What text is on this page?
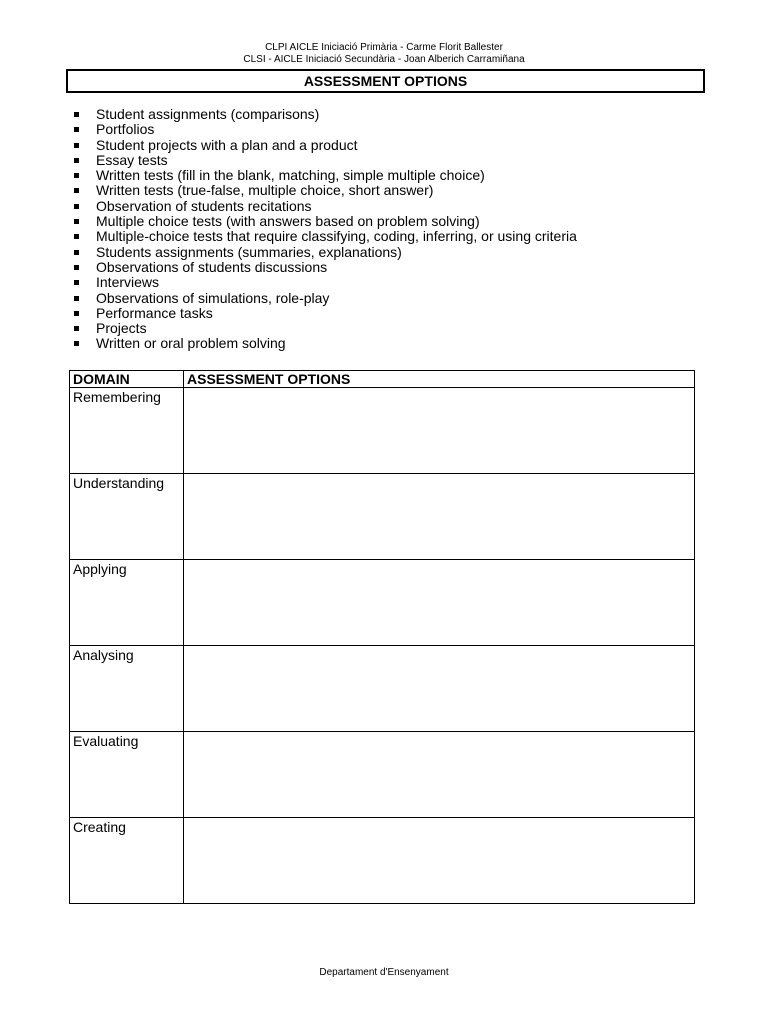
CLPI AICLE Iniciació Primària - Carme Florit Ballester
CLSI - AICLE Iniciació Secundària - Joan Alberich Carramiñana
ASSESSMENT OPTIONS
Student assignments (comparisons)
Portfolios
Student projects with a plan and a product
Essay tests
Written tests (fill in the blank, matching, simple multiple choice)
Written tests (true-false, multiple choice, short answer)
Observation of students recitations
Multiple choice tests (with answers based on problem solving)
Multiple-choice tests that require classifying, coding, inferring, or using criteria
Students assignments (summaries, explanations)
Observations of students discussions
Interviews
Observations of simulations, role-play
Performance tasks
Projects
Written or oral problem solving
DOMAIN	ASSESSMENT OPTIONS
Remembering	
Understanding	
Applying	
Analysing	
Evaluating	
Creating	
Departament d'Ensenyament
